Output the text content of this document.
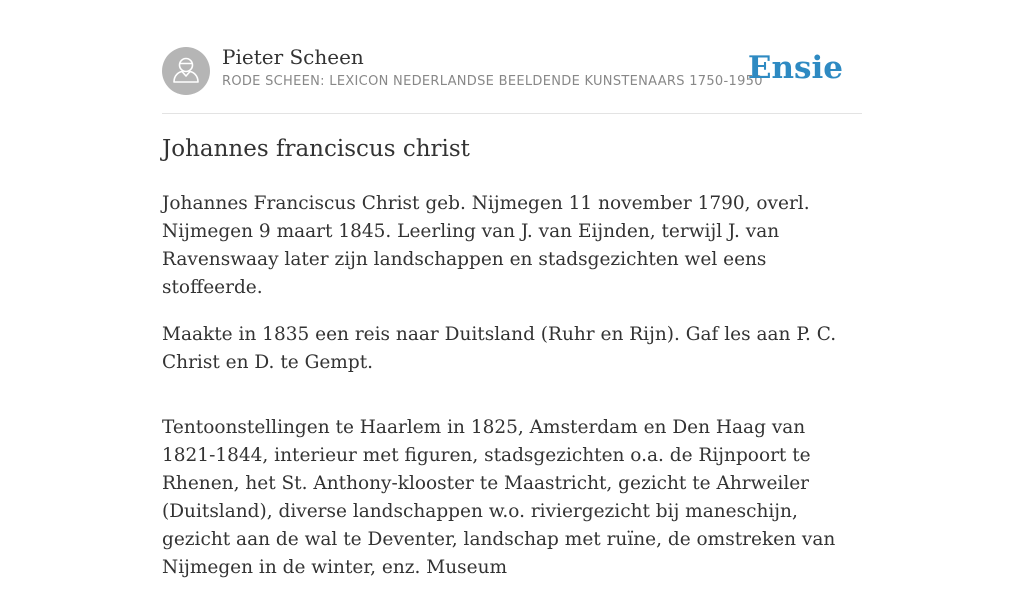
Pieter Scheen
RODE SCHEEN: LEXICON NEDERLANDSE BEELDENDE KUNSTENAARS 1750-1950
Ensie
Johannes franciscus christ

Johannes Franciscus Christ geb. Nijmegen 11 november 1790, overl. Nijmegen 9 maart 1845. Leerling van J. van Eijnden, terwijl J. van Ravenswaay later zijn landschappen en stadsgezichten wel eens stoffeerde.

Maakte in 1835 een reis naar Duitsland (Ruhr en Rijn). Gaf les aan P. C. Christ en D. te Gempt.

Tentoonstellingen te Haarlem in 1825, Amsterdam en Den Haag van 1821-1844, interieur met figuren, stadsgezichten o.a. de Rijnpoort te Rhenen, het St. Anthony-klooster te Maastricht, gezicht te Ahrweiler (Duitsland), diverse landschappen w.o. riviergezicht bij maneschijn, gezicht aan de wal te Deventer, landschap met ruïne, de omstreken van Nijmegen in de winter, enz. Museum
